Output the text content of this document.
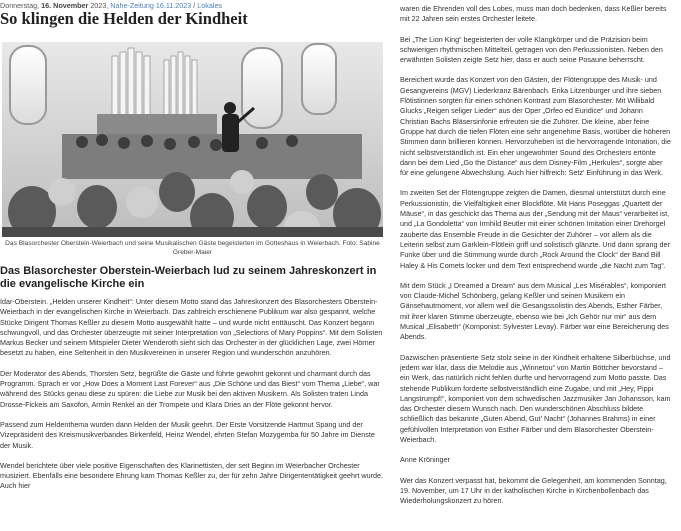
Donnerstag, 16. November 2023, Nahe-Zeitung 16.11.2023 / Lokales
So klingen die Helden der Kindheit
Das Blasorchester Oberstein-Weierbach und seine Musikalischen Gäste begeisterten im Gotteshaus in Weierbach. Foto: Sabine Greber-Maier
Das Blasorchester Oberstein-Weierbach lud zu seinem Jahreskonzert in die evangelische Kirche ein

Idar-Oberstein. „Helden unserer Kindheit“: Unter diesem Motto stand das Jahreskonzert des Blasorchesters Oberstein-Weierbach in der evangelischen Kirche in Weierbach. Das zahlreich erschienene Publikum war also gespannt, welche Stücke Dirigent Thomas Keßler zu diesem Motto ausgewählt hatte – und wurde nicht enttäuscht. Das Konzert begann schwungvoll, und das Orchester überzeugte mit seiner Interpretation von „Selections of Mary Poppins“. Mit dem Solisten Markus Becker und seinem Mitspieler Dieter Wenderoth sieht sich das Orchester in der glücklichen Lage, zwei Hörner besetzt zu haben, eine Seltenheit in den Musikvereinen in unserer Region und wunderschön anzuhören.

Der Moderator des Abends, Thorsten Setz, begrüßte die Gäste und führte gewohnt gekonnt und charmant durch das Programm. Sprach er vor „How Does a Moment Last Forever“ aus „Die Schöne und das Biest“ vom Thema „Liebe“, war während des Stücks genau diese zu spüren: die Liebe zur Musik bei den aktiven Musikern. Als Solisten traten Linda Drosse-Fickeis am Saxofon, Armin Renkel an der Trompete und Klara Dries an der Flöte gekonnt hervor.

Passend zum Heldenthema wurden dann Helden der Musik geehrt. Der Erste Vorsitzende Hartmut Spang und der Vizepräsident des Kreismusikverbandes Birkenfeld, Heinz Wendel, ehrten Stefan Mozygemba für 50 Jahre im Dienste der Musik.

Wendel berichtete über viele positive Eigenschaften des Klarinettisten, der seit Beginn im Weierbacher Orchester musiziert. Ebenfalls eine besondere Ehrung kam Thomas Keßler zu, der für zehn Jahre Dirigententätigkeit geehrt wurde. Auch hier

waren die Ehrenden voll des Lobes, muss man doch bedenken, dass Keßler bereits mit 22 Jahren sein erstes Orchester leitete.

Bei „The Lion King“ begeisterten der volle Klangkörper und die Präzision beim schwierigen rhythmischen Mittelteil, getragen von den Perkussionisten. Neben den erwähnten Solisten zeigte Setz hier, dass er auch seine Posaune beherrscht.

Bereichert wurde das Konzert von den Gästen, der Flötengruppe des Musik- und Gesangvereins (MGV) Liederkranz Bärenbach. Erika Litzenburger und ihre sieben Flötistinnen sorgten für einen schönen Kontrast zum Blasorchester. Mit Willibald Glucks „Reigen seliger Lieder“ aus der Oper „Orfeo ed Euridice“ und Johann Christian Bachs Bläsersinfonie erfreuten sie die Zuhörer. Die kleine, aber feine Gruppe hat durch die tiefen Flöten eine sehr angenehme Basis, worüber die höheren Stimmen dann brillieren können. Hervorzuheben ist die hervorragende Intonation, die nicht selbstverständlich ist. Ein eher ungewohnter Sound des Orchesters ertönte dann bei dem Lied „Go the Distance“ aus dem Disney-Film „Herkules“, sorgte aber für eine gelungene Abwechslung. Auch hier hilfreich: Setz' Einführung in das Werk.

Im zweiten Set der Flötengruppe zeigten die Damen, diesmal unterstützt durch eine Perkussionistin, die Vielfältigkeit einer Blockflöte. Mit Hans Poseggas „Quartett der Mäuse“, in das geschickt das Thema aus der „Sendung mit der Maus“ verarbeitet ist, und „La Gondoletta“ von Irmhild Beutler mit einer schönen Imitation einer Drehorgel zauberte das Ensemble Freude in die Gesichter der Zuhörer – vor allem als die Leiterin selbst zum Garklein-Flötlein griff und solistisch glänzte. Und dann sprang der Funke über und die Stimmung wurde durch „Rock Around the Clock“ der Band Bill Haley & His Comets locker und dem Text entsprechend wurde „die Nacht zum Tag“.

Mit dem Stück „I Dreamed a Dream“ aus dem Musical „Les Misérables“, komponiert von Claude-Michel Schönberg, gelang Keßler und seinen Musikern ein Gänsehautmoment, vor allem weil die Gesangssolistin des Abends, Esther Färber, mit ihrer klaren Stimme überzeugte, ebenso wie bei „Ich Gehör nur mir“ aus dem Musical „Elisabeth“ (Komponist: Sylvester Levay). Färber war eine Bereicherung des Abends.

Dazwischen präsentierte Setz stolz seine in der Kindheit erhaltene Silberbüchse, und jedem war klar, dass die Melodie aus „Winnetou“ von Martin Böttcher bevorstand – ein Werk, das natürlich nicht fehlen durfte und hervorragend zum Motto passte. Das stehende Publikum forderte selbstverständlich eine Zugabe, und mit „Hey, Pippi Langstrumpf!“, komponiert von dem schwedischen Jazzmusiker Jan Johansson, kam das Orchester diesem Wunsch nach. Den wunderschönen Abschluss bildete schließlich das bekannte „Guten Abend, Gut' Nacht“ (Johannes Brahms) in einer gefühlvollen Interpretation von Esther Färber und dem Blasorchester Oberstein-Weierbach.

Anne Kröninger

Wer das Konzert verpasst hat, bekommt die Gelegenheit, am kommenden Sonntag, 19. November, um 17 Uhr in der katholischen Kirche in Kirchenbollenbach das Wiederholungskonzert zu hören.
